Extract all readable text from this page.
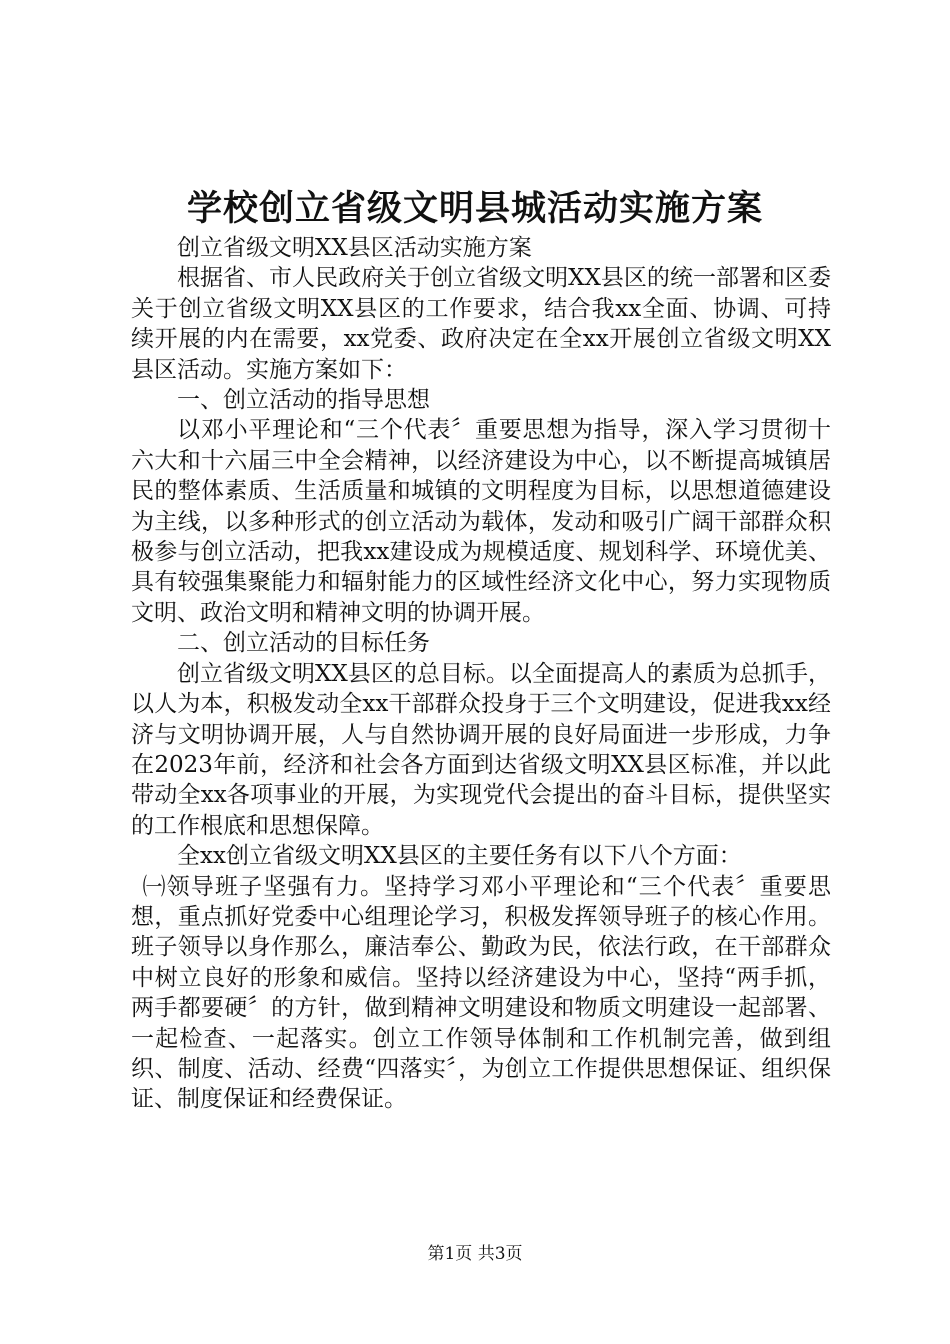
学校创立省级文明县城活动实施方案

创立省级文明XX县区活动实施方案

根据省、市人民政府关于创立省级文明XX县区的统一部署和区委关于创立省级文明XX县区的工作要求，结合我xx全面、协调、可持续开展的内在需要，xx党委、政府决定在全xx开展创立省级文明XX县区活动。实施方案如下：

一、创立活动的指导思想

以邓小平理论和“三个代表〞重要思想为指导，深入学习贯彻十六大和十六届三中全会精神，以经济建设为中心，以不断提高城镇居民的整体素质、生活质量和城镇的文明程度为目标，以思想道德建设为主线，以多种形式的创立活动为载体，发动和吸引广阔干部群众积极参与创立活动，把我xx建设成为规模适度、规划科学、环境优美、具有较强集聚能力和辐射能力的区域性经济文化中心，努力实现物质文明、政治文明和精神文明的协调开展。

二、创立活动的目标任务

创立省级文明XX县区的总目标。以全面提高人的素质为总抓手，以人为本，积极发动全xx干部群众投身于三个文明建设，促进我xx经济与文明协调开展，人与自然协调开展的良好局面进一步形成，力争在2023年前，经济和社会各方面到达省级文明XX县区标准，并以此带动全xx各项事业的开展，为实现党代会提出的奋斗目标，提供坚实的工作根底和思想保障。

全xx创立省级文明XX县区的主要任务有以下八个方面：

㈠领导班子坚强有力。坚持学习邓小平理论和“三个代表〞重要思想，重点抓好党委中心组理论学习，积极发挥领导班子的核心作用。班子领导以身作那么，廉洁奉公、勤政为民，依法行政，在干部群众中树立良好的形象和威信。坚持以经济建设为中心，坚持“两手抓，两手都要硬〞的方针，做到精神文明建设和物质文明建设一起部署、一起检查、一起落实。创立工作领导体制和工作机制完善，做到组织、制度、活动、经费“四落实〞，为创立工作提供思想保证、组织保证、制度保证和经费保证。

第1页 共3页
